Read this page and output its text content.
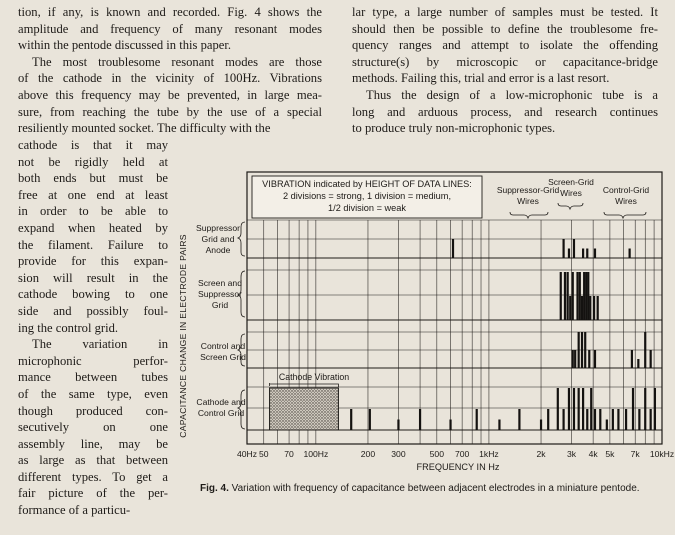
tion, if any, is known and recorded. Fig. 4 shows the
amplitude and frequency of many resonant modes
within the pentode discussed in this paper.

The most troublesome resonant modes are those
of the cathode in the vicinity of 100Hz. Vibrations
above this frequency may be prevented, in large mea-
sure, from reaching the tube by the use of a special
resiliently mounted socket. The difficulty with the

cathode is that it may
not be rigidly held at
both ends but must be
free at one end at least
in order to be able to
expand when heated by
the filament. Failure to
provide for this expan-
sion will result in the
cathode bowing to one
side and possibly foul-
ing the control grid.

The variation in
microphonic perfor-
mance between tubes
of the same type, even
though produced con-
secutively on one
assembly line, may be
as large as that between
different types. To get a
fair picture of the per-
formance of a particu-

lar type, a large number of samples must be tested. It
should then be possible to define the troublesome fre-
quency ranges and attempt to isolate the offending
structure(s) by microscopic or capacitance-bridge
methods. Failing this, trial and error is a last resort.

Thus the design of a low-microphonic tube is a
long and arduous process, and research continues
to produce truly non-microphonic types.

VIBRATION indicated by HEIGHT OF DATA LINES:
2 divisions = strong, 1 division = medium,
1/2 division = weak
Suppressor-Grid
Wires
Screen-Grid
Wires Control-Grid
Wires
Suppressor
Grid and
Anode
Screen and
Suppressor
Grid
Control and
Screen Grid
Cathode and
Control Grid
CAPACITANCE CHANGE IN ELECTRODE PAIRS
FREQUENCY IN Hz
Cathode Vibration
40Hz 50 70 100Hz	200 300	500 700 1kHz	2k 3k 4k 5k 7k 10kHz
Fig. 4. Variation with frequency of capacitance between adjacent electrodes in a miniature pentode.
